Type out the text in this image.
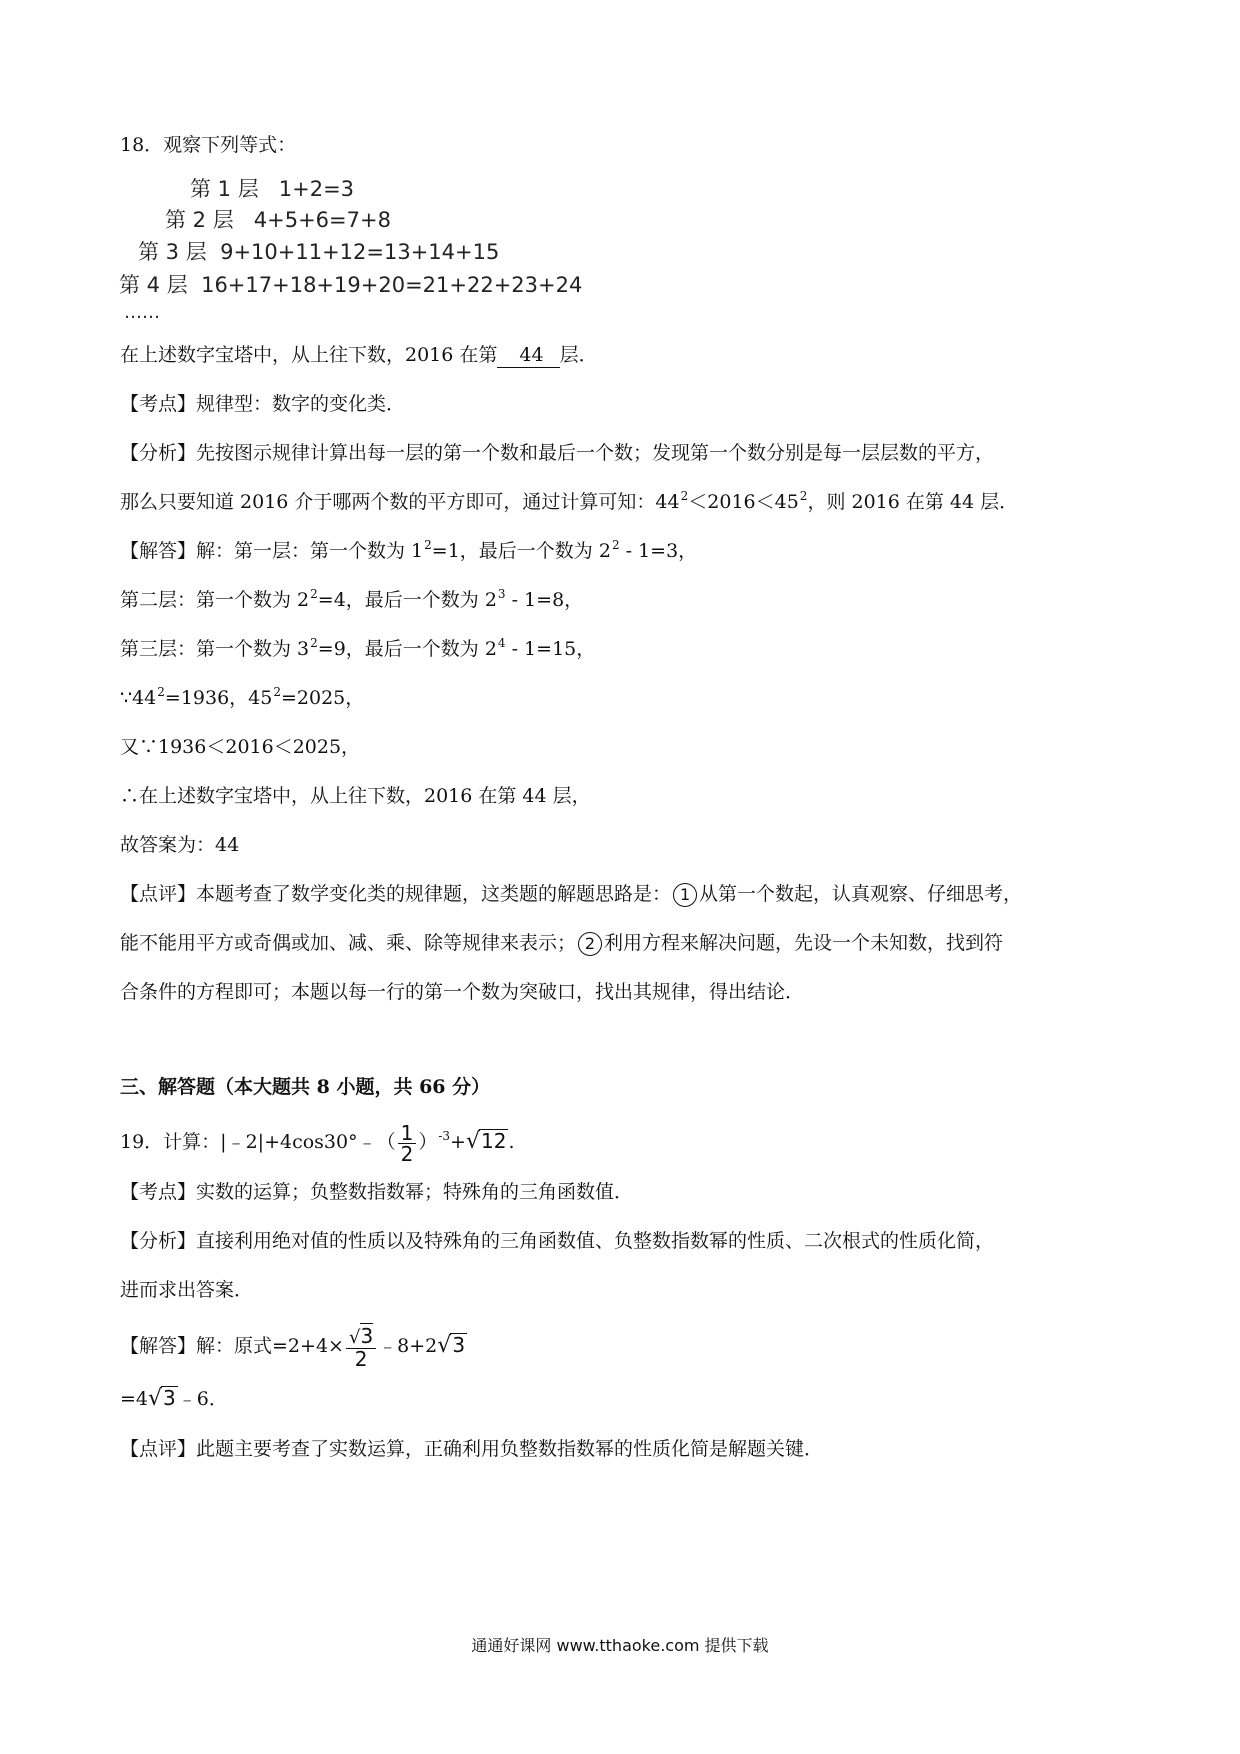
18．观察下列等式：
第 1 层 1+2=3
第 2 层 4+5+6=7+8
第 3 层 9+10+11+12=13+14+15
第 4 层 16+17+18+19+20=21+22+23+24
……
在上述数字宝塔中，从上往下数，2016 在第 44 层．
【考点】规律型：数字的变化类．
【分析】先按图示规律计算出每一层的第一个数和最后一个数；发现第一个数分别是每一层层数的平方，
那么只要知道 2016 介于哪两个数的平方即可，通过计算可知：$44^2<2016<45^2$，则 2016 在第 44 层．
【解答】解：第一层：第一个数为 $1^2=1$，最后一个数为 $2^2 - 1=3$，
第二层：第一个数为 $2^2=4$，最后一个数为 $2^3 - 1=8$，
第三层：第一个数为 $3^2=9$，最后一个数为 $2^4 - 1=15$，
$\because 44^2=1936$，$45^2=2025$，
又∵1936＜2016＜2025，
∴在上述数字宝塔中，从上往下数，2016 在第 44 层，
故答案为：44
【点评】本题考查了数学变化类的规律题，这类题的解题思路是： 1 从第一个数起，认真观察、仔细思考，
能不能用平方或奇偶或加、减、乘、除等规律来表示； 2 利用方程来解决问题，先设一个未知数，找到符
合条件的方程即可；本题以每一行的第一个数为突破口，找出其规律，得出结论．
三、解答题（本大题共 8 小题，共 66 分）
19．计算：|﹣2|+4cos30°﹣（ $\frac{1}{2} )^{-3}+√12$ .
【考点】实数的运算；负整数指数幂；特殊角的三角函数值．
【分析】直接利用绝对值的性质以及特殊角的三角函数值、负整数指数幂的性质、二次根式的性质化简，
进而求出答案．
【解答】解：原式$=2+4\times \frac{√3}{2}$ ﹣8+2√3
=4√3 ﹣6．
【点评】此题主要考查了实数运算，正确利用负整数指数幂的性质化简是解题关键．
通通好课网 www.tthaoke.com 提供下载
